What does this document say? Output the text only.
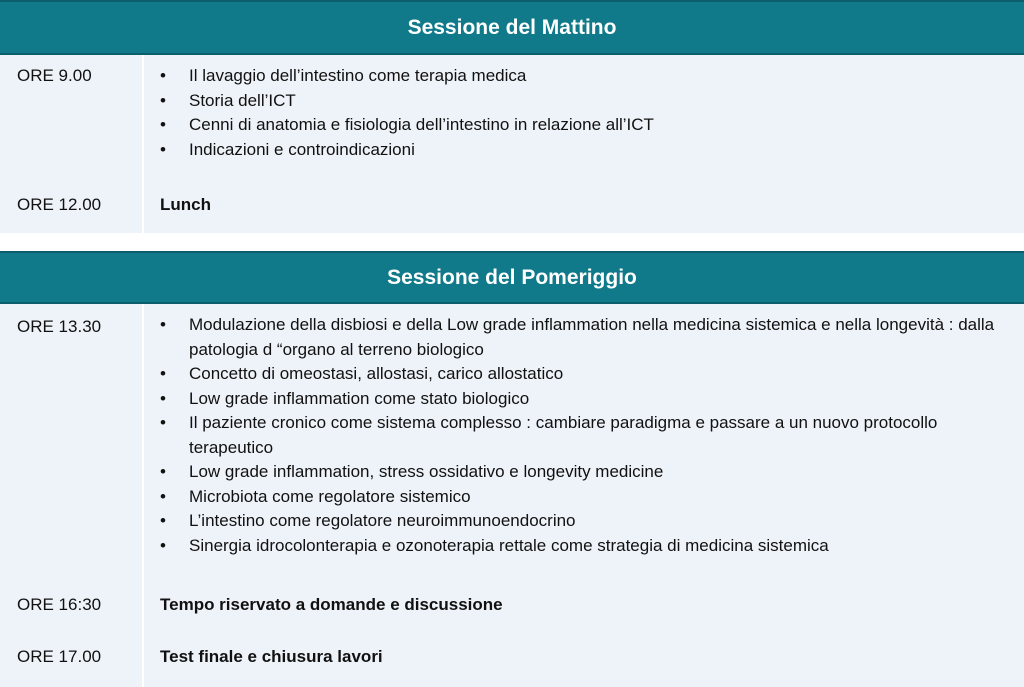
Sessione del Mattino
ORE 9.00	•	Il lavaggio dell’intestino come terapia medica
•	Storia dell’ICT
•	Cenni di anatomia e fisiologia dell’intestino in relazione all’ICT
•	Indicazioni e controindicazioni
ORE 12.00	Lunch
Sessione del Pomeriggio
ORE 13.30	•	Modulazione della disbiosi e della Low grade inflammation nella medicina sistemica e nella longevità : dalla patologia d “organo al terreno biologico
•	Concetto di omeostasi, allostasi, carico allostatico
•	Low grade inflammation come stato biologico
•	Il paziente cronico come sistema complesso : cambiare paradigma e passare a un nuovo protocollo terapeutico
•	Low grade inflammation, stress ossidativo e longevity medicine
•	Microbiota come regolatore sistemico
•	L’intestino come regolatore neuroimmunoendocrino
•	Sinergia idrocolonterapia e ozonoterapia rettale come strategia di medicina sistemica
ORE 16:30	Tempo riservato a domande e discussione
ORE 17.00	Test finale e chiusura lavori
